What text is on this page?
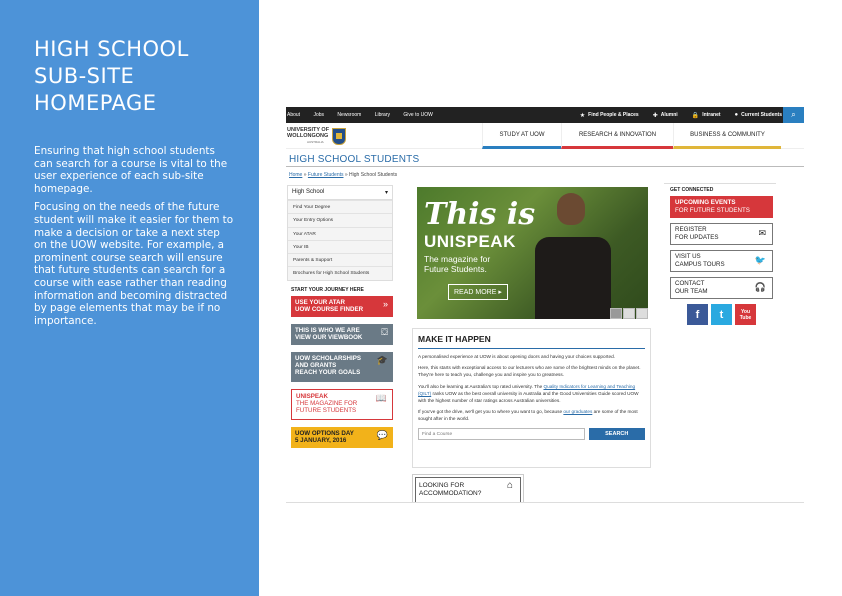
HIGH SCHOOL SUB-SITE HOMEPAGE

Ensuring that high school students can search for a course is vital to the user experience of each sub-site homepage.

Focusing on the needs of the future student will make it easier for them to make a decision or take a next step on the UOW website. For example, a prominent course search will ensure that future students can search for a course with ease rather than reading information and becoming distracted by page elements that may be if no importance.

About	Jobs	Newsroom	Library	Give to UOW	★ Find People & Places ✚ Alumni 🔒 Intranet ● Current Students	⌕
UNIVERSITY OF
WOLLONGONG
AUSTRALIA
STUDY AT UOW	RESEARCH & INNOVATION	BUSINESS & COMMUNITY
HIGH SCHOOL STUDENTS
Home » Future Students » High School Students
High School	▾
Find Your Degree
Your Entry Options
Your ATAR
Your IB
Parents & Support
Brochures for High School Students
START YOUR JOURNEY HERE
USE YOUR ATAR
UOW COURSE FINDER
»
THIS IS WHO WE ARE
VIEW OUR VIEWBOOK
⛋
UOW SCHOLARSHIPS
AND GRANTS
REACH YOUR GOALS
🎓
UNISPEAK
THE MAGAZINE FOR
FUTURE STUDENTS
📖
UOW OPTIONS DAY
5 JANUARY, 2016
💬
This is
UNISPEAK
The magazine for Future Students.
READ MORE ▸
MAKE IT HAPPEN

A personalised experience at UOW is about opening doors and having your choices supported.

Here, this starts with exceptional access to our lecturers who are some of the brightest minds on the planet. They're here to teach you, challenge you and inspire you to greatness.

You'll also be learning at Australia's top rated university. The Quality Indicators for Learning and Teaching (QILT) ranks UOW as the best overall university in Australia and the Good Universities Guide scored UOW with the highest number of star ratings across Australian universities.

If you've got the drive, we'll get you to where you want to go, because our graduates are some of the most sought after in the world.

Find a Course	SEARCH
LOOKING FOR
ACCOMMODATION?
⌂
GET CONNECTED
UPCOMING EVENTS
FOR FUTURE STUDENTS
REGISTER
FOR UPDATES	✉
VISIT US
CAMPUS TOURS	🐦
CONTACT
OUR TEAM	🎧
f	t	You
Tube
